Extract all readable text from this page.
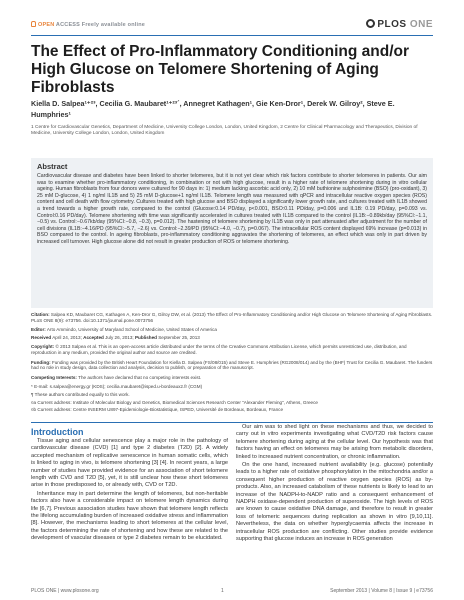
OPEN ACCESS Freely available online	PLOS ONE
The Effect of Pro-Inflammatory Conditioning and/or High Glucose on Telomere Shortening of Aging Fibroblasts
Kiella D. Salpea¹⁺²³, Cecilia G. Maubaret¹⁺²³´, Annegret Kathagen¹, Gie Ken-Dror¹, Derek W. Gilroy², Steve E. Humphries¹
1 Centre for Cardiovascular Genetics, Department of Medicine, University College London, London, United Kingdom, 2 Centre for Clinical Pharmacology and Therapeutics, Division of Medicine, University College London, London, United Kingdom
Abstract

Cardiovascular disease and diabetes have been linked to shorter telomeres, but it is not yet clear which risk factors contribute to shorter telomeres in patients. Our aim was to examine whether pro-inflammatory conditioning, in combination or not with high glucose, result in a higher rate of telomere shortening during in vitro cellular ageing. Human fibroblasts from four donors were cultured for 90 days in: 1) medium lacking ascorbic acid only, 2) 10 mM buthionine sulphoximine (BSO) (pro-oxidant), 3) 25 mM D-glucose, 4) 1 ng/ml IL1B and 5) 25 mM D-glucose+1 ng/ml IL1B. Telomere length was measured with qPCR and intracellular reactive oxygen species (ROS) content and cell death with flow cytometry. Cultures treated with high glucose and BSO displayed a significantly lower growth rate, and cultures treated with IL1B showed a trend towards a higher growth rate, compared to the control (Glucose:0.14 PD/day, p<0.001, BSO:0.11 PD/day, p=0.006 and IL1B: 0.19 PD/day, p=0.093 vs. Control:0.16 PD/day). Telomere shortening with time was significantly accelerated in cultures treated with IL1B compared to the control (IL1B:−0.89kb/day (95%CI:−1.1, −0.5) vs. Control:−0.67kb/day (95%CI:−0.8, −0.3), p=0.012). The hastening of telomere shortening by IL1B was only in part attenuated after adjustment for the number of cell divisions (IL1B:−4.16/PD (95%CI:−5.7, −2.6) vs. Control:−2.39/PD (95%CI:−4.0, −0.7), p=0.067). The intracellular ROS content displayed 69% increase (p=0.013) in BSO compared to the control. In ageing fibroblasts, pro-inflammatory conditioning aggravates the shortening of telomeres, an effect which was only in part driven by increased cell turnover. High glucose alone did not result in greater production of ROS or telomere shortening.

Citation: Salpea KD, Maubaret CG, Kathagen A, Ken-Dror G, Gilroy DW, et al. (2013) The Effect of Pro-Inflammatory Conditioning and/or High Glucose on Telomere Shortening of Aging Fibroblasts. PLoS ONE 8(9): e73756. doi:10.1371/journal.pone.0073756

Editor: Arto Ammindo, University of Maryland School of Medicine, United States of America

Received April 24, 2013; Accepted July 26, 2013; Published September 25, 2013

Copyright: © 2013 Salpea et al. This is an open-access article distributed under the terms of the Creative Commons Attribution License, which permits unrestricted use, distribution, and reproduction in any medium, provided the original author and source are credited.

Funding: Funding was provided by the British Heart Foundation for Kiella D. Salpea (FS/08/015) and Steve E. Humphries (RG2008/014) and by the (BHF) Trust for Cecilia G. Maubaret. The funders had no role in study design, data collection and analysis, decision to publish, or preparation of the manuscript.

Competing Interests: The authors have declared that no competing interests exist.

* E-mail: s.salpea@energy.gr (KDS); cecilia.maubaret@isped.u-bordeaux2.fr (CGM)

¶ These authors contributed equally to this work.

¤a Current address: Institute of Molecular Biology and Genetics, Biomedical Sciences Research Center "Alexander Fleming", Athens, Greece

¤b Current address: Centre INSERM U897-Epidemiologie-Biostatistique, ISPED, Université de Bordeaux, Bordeaux, France

Introduction

Tissue aging and cellular senescence play a major role in the pathology of cardiovascular disease (CVD) [1] and type 2 diabetes (T2D) [2]. A widely accepted mechanism of replicative senescence in human somatic cells, which is linked to aging in vivo, is telomere shortening [3] [4]. In recent years, a large number of studies have provided evidence for an association of short telomere length with CVD and T2D [5], yet, it is still unclear how these short telomeres arise in those predisposed to, or already with, CVD or T2D.

Inheritance may in part determine the length of telomeres, but non-heritable factors also have a considerable impact on telomere length dynamics during life [6,7]. Previous association studies have shown that telomere length reflects the lifelong accumulating burden of increased oxidative stress and inflammation [8]. However, the mechanisms leading to short telomeres at the cellular level, the factors determining the rate of shortening and how these are related to the development of vascular diseases or type 2 diabetes remain to be elucidated.

Our aim was to shed light on these mechanisms and thus, we decided to carry out in vitro experiments investigating what CVD/T2D risk factors cause telomere shortening during aging at the cellular level. Our hypothesis was that factors having an effect on telomeres may be arising from metabolic disorders, linked to increased nutrient concentration, or chronic inflammation.

On the one hand, increased nutrient availability (e.g. glucose) potentially leads to a higher rate of oxidative phosphorylation in the mitochondria and/or a consequent higher production of reactive oxygen species (ROS) as by-products. Also, an increased catabolism of these nutrients is likely to lead to an increase of the NADPH-to-NADP ratio and a consequent enhancement of NADPH oxidase-dependent production of superoxide. The high levels of ROS are known to cause oxidative DNA damage, and therefore to result in greater loss of telomeric sequences during replication as shown in vitro [9,10,11]. Nevertheless, the data on whether hyperglycaemia affects the increase in intracellular ROS production are conflicting. Other studies provide evidence supporting that glucose induces an increase in ROS generation

PLOS ONE | www.plosone.org	1	September 2013 | Volume 8 | Issue 9 | e73756
